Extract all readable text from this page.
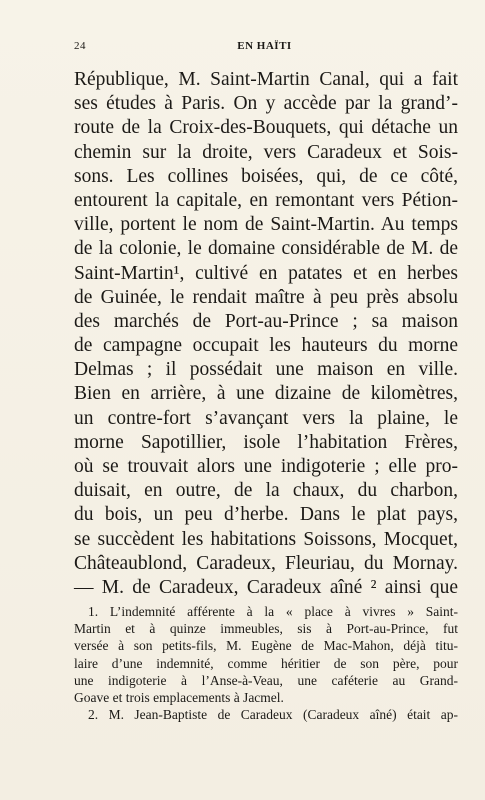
24	EN HAÏTI
République, M. Saint-Martin Canal, qui a fait
ses études à Paris. On y accède par la grand’-
route de la Croix-des-Bouquets, qui détache un
chemin sur la droite, vers Caradeux et Sois-
sons. Les collines boisées, qui, de ce côté,
entourent la capitale, en remontant vers Pétion-
ville, portent le nom de Saint-Martin. Au temps
de la colonie, le domaine considérable de M. de
Saint-Martin¹, cultivé en patates et en herbes
de Guinée, le rendait maître à peu près absolu
des marchés de Port-au-Prince ; sa maison
de campagne occupait les hauteurs du morne
Delmas ; il possédait une maison en ville.
Bien en arrière, à une dizaine de kilomètres,
un contre-fort s’avançant vers la plaine, le
morne Sapotillier, isole l’habitation Frères,
où se trouvait alors une indigoterie ; elle pro-
duisait, en outre, de la chaux, du charbon,
du bois, un peu d’herbe. Dans le plat pays,
se succèdent les habitations Soissons, Mocquet,
Châteaublond, Caradeux, Fleuriau, du Mornay.
— M. de Caradeux, Caradeux aîné ² ainsi que
1. L’indemnité afférente à la « place à vivres » Saint-
Martin et à quinze immeubles, sis à Port-au-Prince, fut
versée à son petits-fils, M. Eugène de Mac-Mahon, déjà titu-
laire d’une indemnité, comme héritier de son père, pour
une indigoterie à l’Anse-à-Veau, une caféterie au Grand-
Goave et trois emplacements à Jacmel.
2. M. Jean-Baptiste de Caradeux (Caradeux aîné) était ap-
